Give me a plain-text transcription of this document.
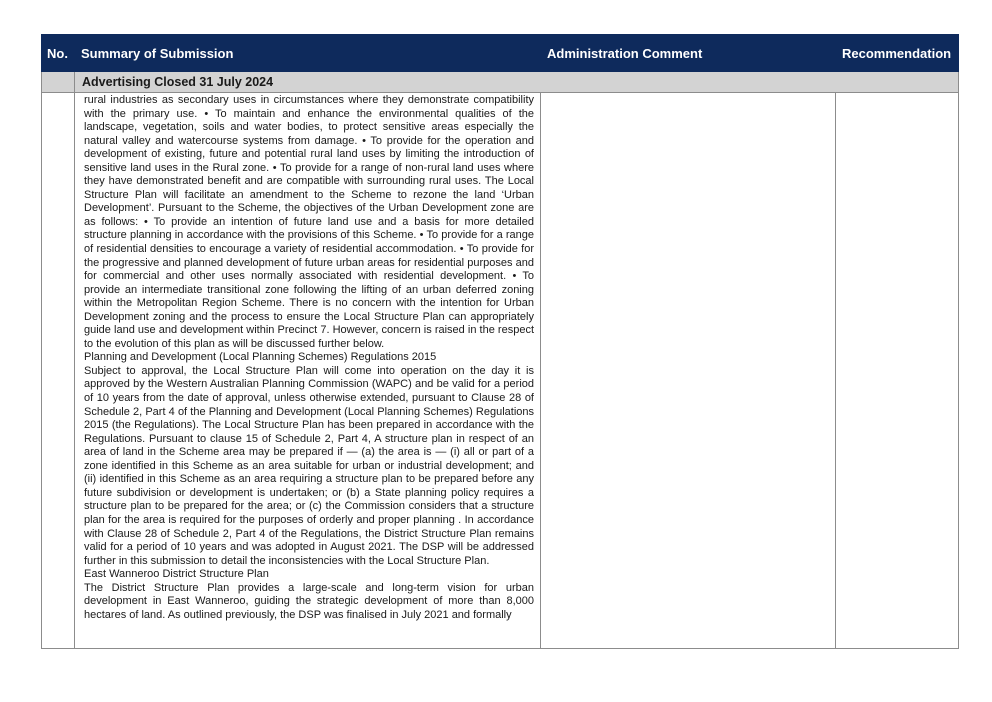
No.	Summary of Submission	Administration Comment	Recommendation
	Advertising Closed 31 July 2024		

	rural industries as secondary uses in circumstances where they demonstrate compatibility with the primary use. • To maintain and enhance the environmental qualities of the landscape, vegetation, soils and water bodies, to protect sensitive areas especially the natural valley and watercourse systems from damage. • To provide for the operation and development of existing, future and potential rural land uses by limiting the introduction of sensitive land uses in the Rural zone. • To provide for a range of non-rural land uses where they have demonstrated benefit and are compatible with surrounding rural uses. The Local Structure Plan will facilitate an amendment to the Scheme to rezone the land ‘Urban Development’. Pursuant to the Scheme, the objectives of the Urban Development zone are as follows: • To provide an intention of future land use and a basis for more detailed structure planning in accordance with the provisions of this Scheme. • To provide for a range of residential densities to encourage a variety of residential accommodation. • To provide for the progressive and planned development of future urban areas for residential purposes and for commercial and other uses normally associated with residential development. • To provide an intermediate transitional zone following the lifting of an urban deferred zoning within the Metropolitan Region Scheme. There is no concern with the intention for Urban Development zoning and the process to ensure the Local Structure Plan can appropriately guide land use and development within Precinct 7. However, concern is raised in the respect to the evolution of this plan as will be discussed further below.

Planning and Development (Local Planning Schemes) Regulations 2015

Subject to approval, the Local Structure Plan will come into operation on the day it is approved by the Western Australian Planning Commission (WAPC) and be valid for a period of 10 years from the date of approval, unless otherwise extended, pursuant to Clause 28 of Schedule 2, Part 4 of the Planning and Development (Local Planning Schemes) Regulations 2015 (the Regulations). The Local Structure Plan has been prepared in accordance with the Regulations. Pursuant to clause 15 of Schedule 2, Part 4, A structure plan in respect of an area of land in the Scheme area may be prepared if — (a) the area is — (i) all or part of a zone identified in this Scheme as an area suitable for urban or industrial development; and (ii) identified in this Scheme as an area requiring a structure plan to be prepared before any future subdivision or development is undertaken; or (b) a State planning policy requires a structure plan to be prepared for the area; or (c) the Commission considers that a structure plan for the area is required for the purposes of orderly and proper planning . In accordance with Clause 28 of Schedule 2, Part 4 of the Regulations, the District Structure Plan remains valid for a period of 10 years and was adopted in August 2021. The DSP will be addressed further in this submission to detail the inconsistencies with the Local Structure Plan.

East Wanneroo District Structure Plan

The District Structure Plan provides a large-scale and long-term vision for urban development in East Wanneroo, guiding the strategic development of more than 8,000 hectares of land. As outlined previously, the DSP was finalised in July 2021 and formally		
